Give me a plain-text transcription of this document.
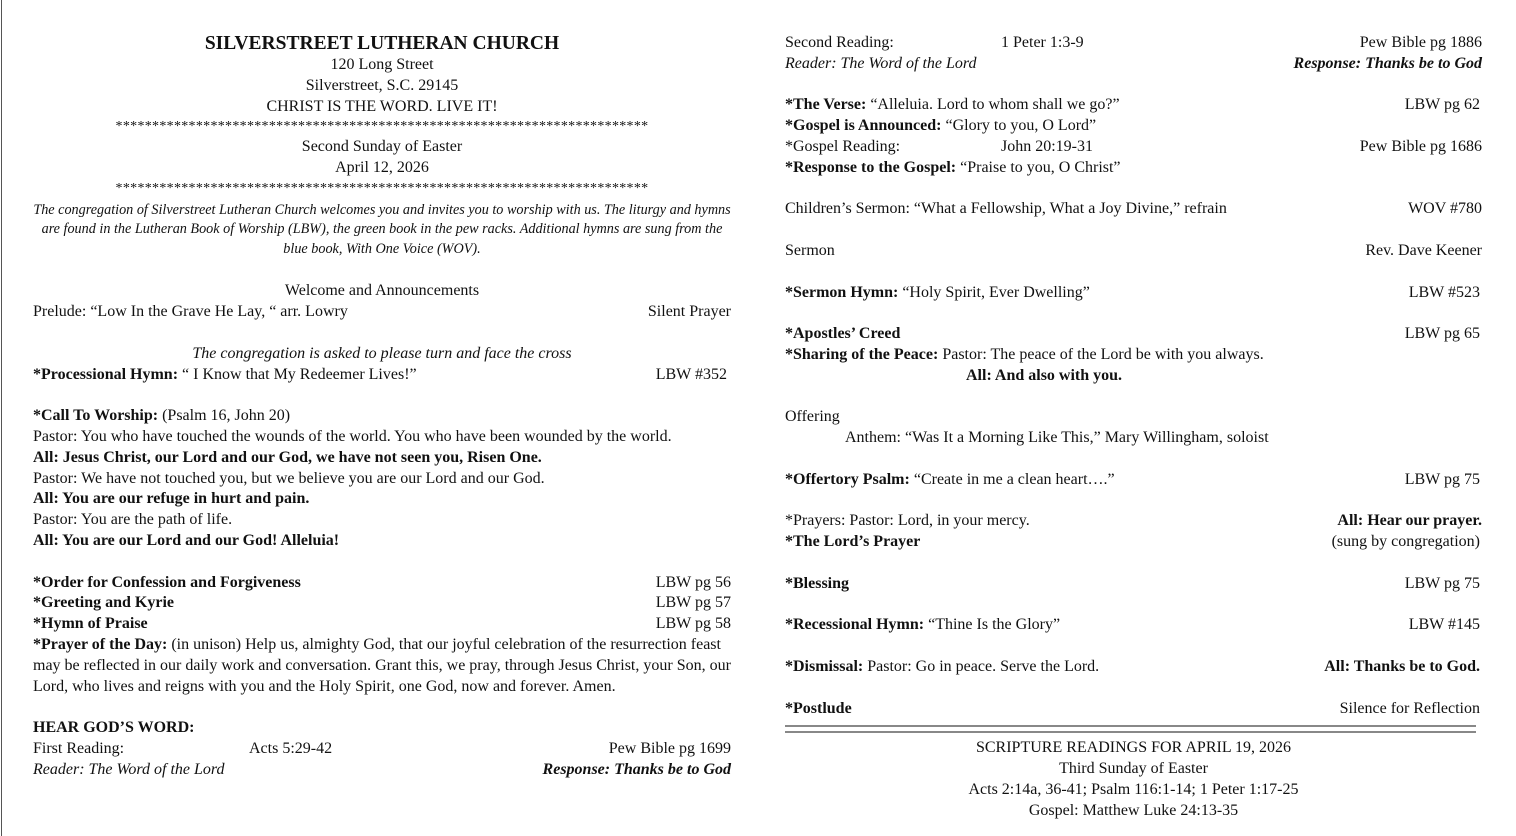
SILVERSTREET LUTHERAN CHURCH
120 Long Street
Silverstreet, S.C. 29145
CHRIST IS THE WORD. LIVE IT!
*************************************************************************
Second Sunday of Easter
April 12, 2026
*************************************************************************
The congregation of Silverstreet Lutheran Church welcomes you and invites you to worship with us. The liturgy and hymns are found in the Lutheran Book of Worship (LBW), the green book in the pew racks. Additional hymns are sung from the blue book, With One Voice (WOV).
Welcome and Announcements
Prelude: “Low In the Grave He Lay, “ arr. Lowry	Silent Prayer
The congregation is asked to please turn and face the cross
*Processional Hymn: “ I Know that My Redeemer Lives!”	LBW #352
*Call To Worship: (Psalm 16, John 20)
Pastor: You who have touched the wounds of the world. You who have been wounded by the world.
All: Jesus Christ, our Lord and our God, we have not seen you, Risen One.
Pastor: We have not touched you, but we believe you are our Lord and our God.
All: You are our refuge in hurt and pain.
Pastor: You are the path of life.
All: You are our Lord and our God! Alleluia!
*Order for Confession and Forgiveness	LBW pg 56
*Greeting and Kyrie	LBW pg 57
*Hymn of Praise	LBW pg 58
*Prayer of the Day: (in unison) Help us, almighty God, that our joyful celebration of the resurrection feast may be reflected in our daily work and conversation. Grant this, we pray, through Jesus Christ, your Son, our Lord, who lives and reigns with you and the Holy Spirit, one God, now and forever. Amen.
HEAR GOD’S WORD:
First Reading:	Acts 5:29-42	Pew Bible pg 1699
Reader: The Word of the Lord	Response: Thanks be to God
Second Reading:	1 Peter 1:3-9	Pew Bible pg 1886
Reader: The Word of the Lord	Response: Thanks be to God
*The Verse: “Alleluia. Lord to whom shall we go?”	LBW pg 62
*Gospel is Announced: “Glory to you, O Lord”
*Gospel Reading:	John 20:19-31	Pew Bible pg 1686
*Response to the Gospel: “Praise to you, O Christ”
Children’s Sermon: “What a Fellowship, What a Joy Divine,” refrain	WOV #780
Sermon	Rev. Dave Keener
*Sermon Hymn: “Holy Spirit, Ever Dwelling”	LBW #523
*Apostles’ Creed	LBW pg 65
*Sharing of the Peace: Pastor: The peace of the Lord be with you always.
All: And also with you.
Offering
Anthem: “Was It a Morning Like This,” Mary Willingham, soloist
*Offertory Psalm: “Create in me a clean heart….”	LBW pg 75
*Prayers: Pastor: Lord, in your mercy.	All: Hear our prayer.
*The Lord’s Prayer	(sung by congregation)
*Blessing	LBW pg 75
*Recessional Hymn: “Thine Is the Glory”	LBW #145
*Dismissal: Pastor: Go in peace. Serve the Lord.	All: Thanks be to God.
*Postlude	Silence for Reflection
SCRIPTURE READINGS FOR APRIL 19, 2026
Third Sunday of Easter
Acts 2:14a, 36-41; Psalm 116:1-14; 1 Peter 1:17-25
Gospel: Matthew Luke 24:13-35
